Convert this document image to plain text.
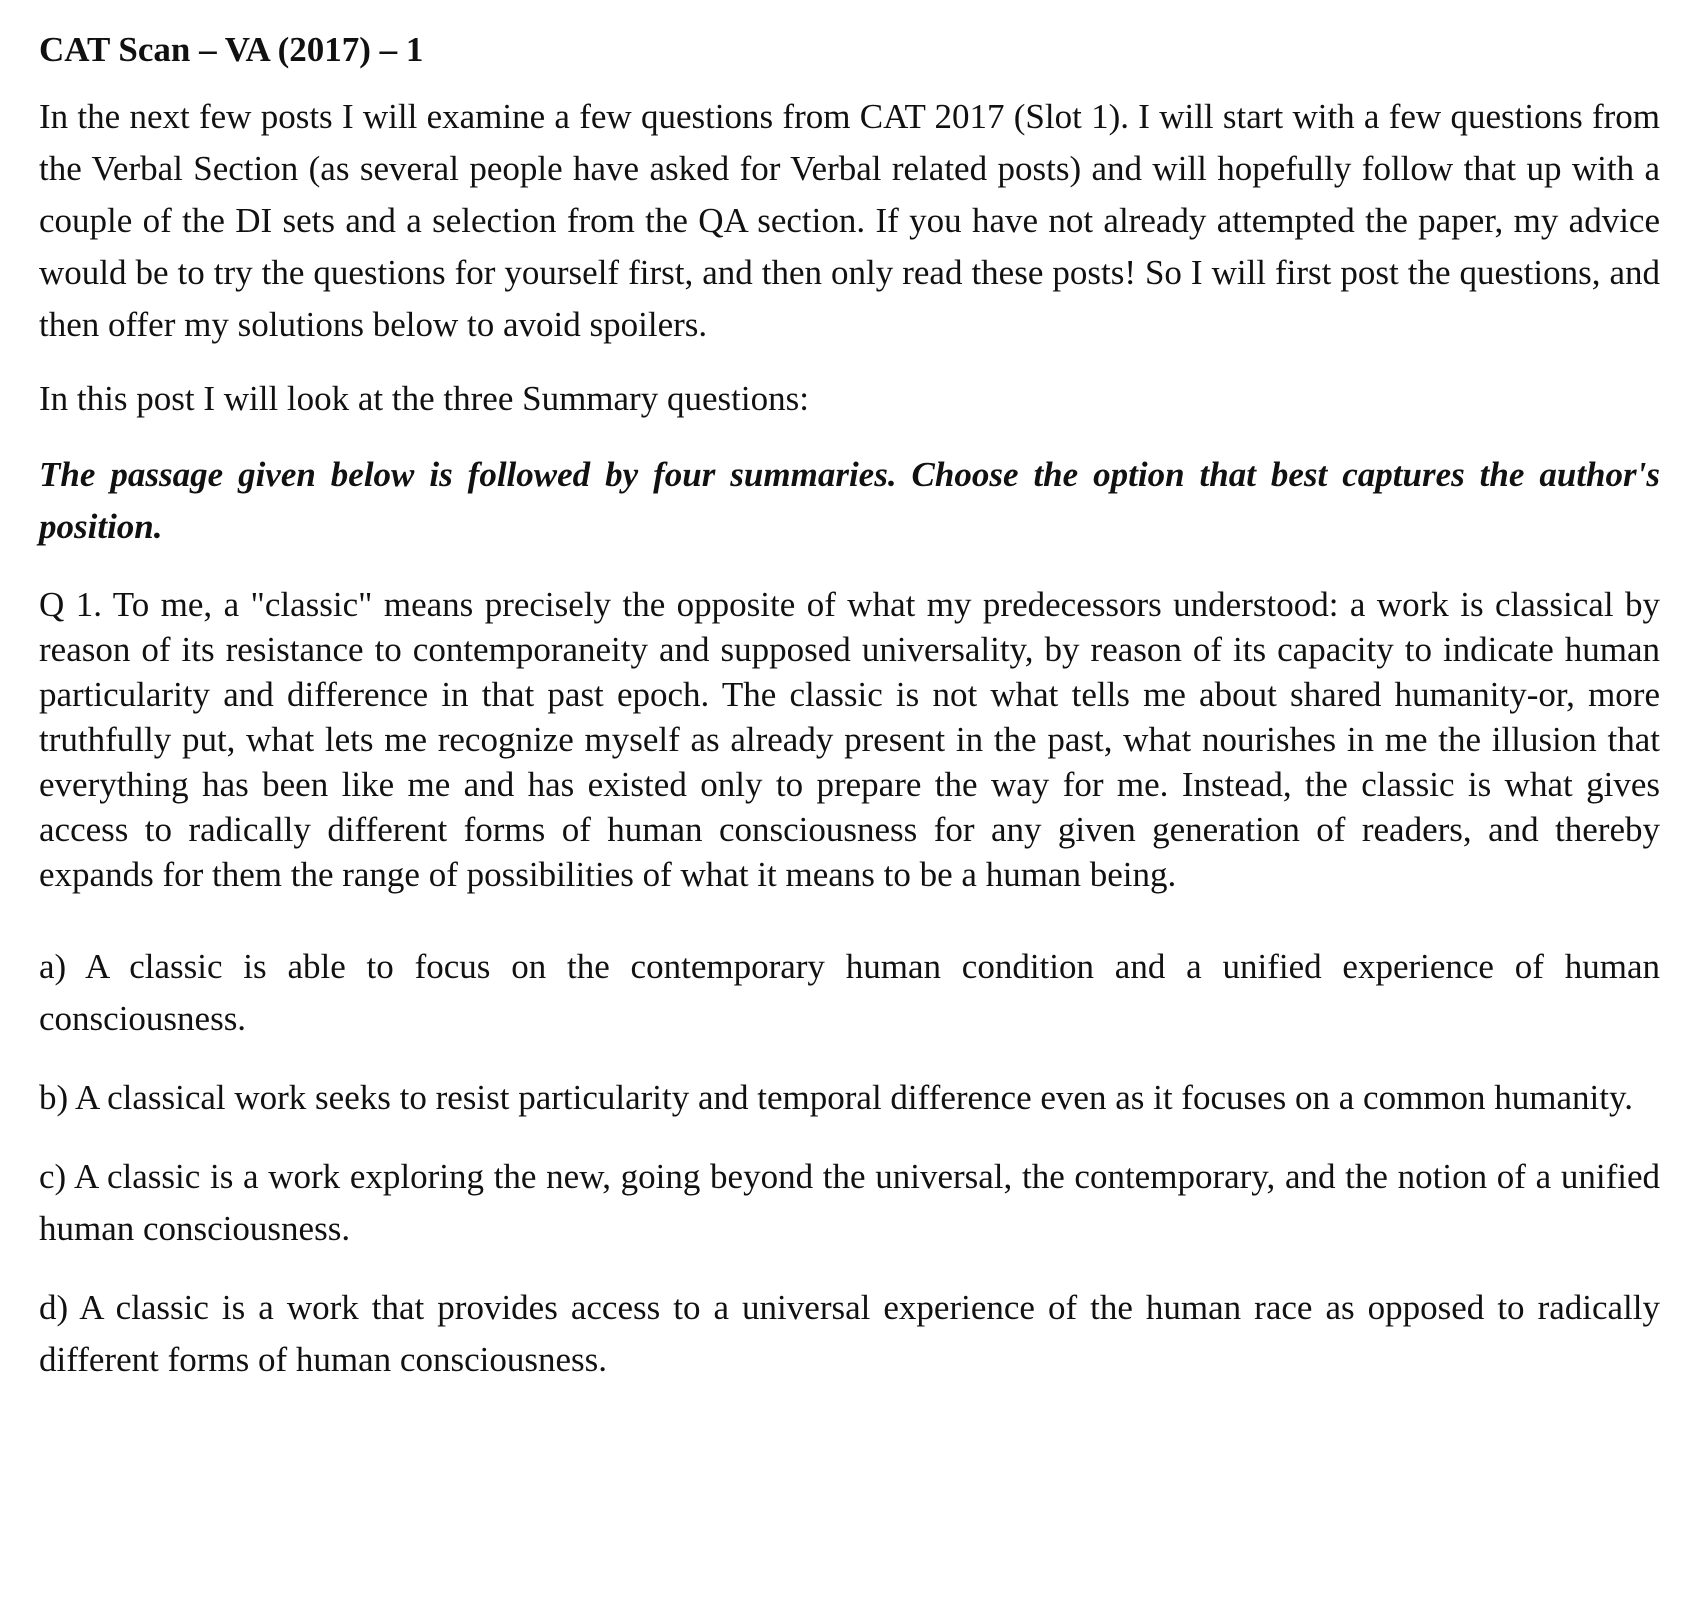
CAT Scan – VA (2017) – 1

In the next few posts I will examine a few questions from CAT 2017 (Slot 1). I will start with a few questions from the Verbal Section (as several people have asked for Verbal related posts) and will hopefully follow that up with a couple of the DI sets and a selection from the QA section. If you have not already attempted the paper, my advice would be to try the questions for yourself first, and then only read these posts! So I will first post the questions, and then offer my solutions below to avoid spoilers.

In this post I will look at the three Summary questions:

The passage given below is followed by four summaries. Choose the option that best captures the author's position.

Q 1. To me, a "classic" means precisely the opposite of what my predecessors understood: a work is classical by reason of its resistance to contemporaneity and supposed universality, by reason of its capacity to indicate human particularity and difference in that past epoch. The classic is not what tells me about shared humanity-or, more truthfully put, what lets me recognize myself as already present in the past, what nourishes in me the illusion that everything has been like me and has existed only to prepare the way for me. Instead, the classic is what gives access to radically different forms of human consciousness for any given generation of readers, and thereby expands for them the range of possibilities of what it means to be a human being.

a) A classic is able to focus on the contemporary human condition and a unified experience of human consciousness.

b) A classical work seeks to resist particularity and temporal difference even as it focuses on a common humanity.

c) A classic is a work exploring the new, going beyond the universal, the contemporary, and the notion of a unified human consciousness.

d) A classic is a work that provides access to a universal experience of the human race as opposed to radically different forms of human consciousness.
